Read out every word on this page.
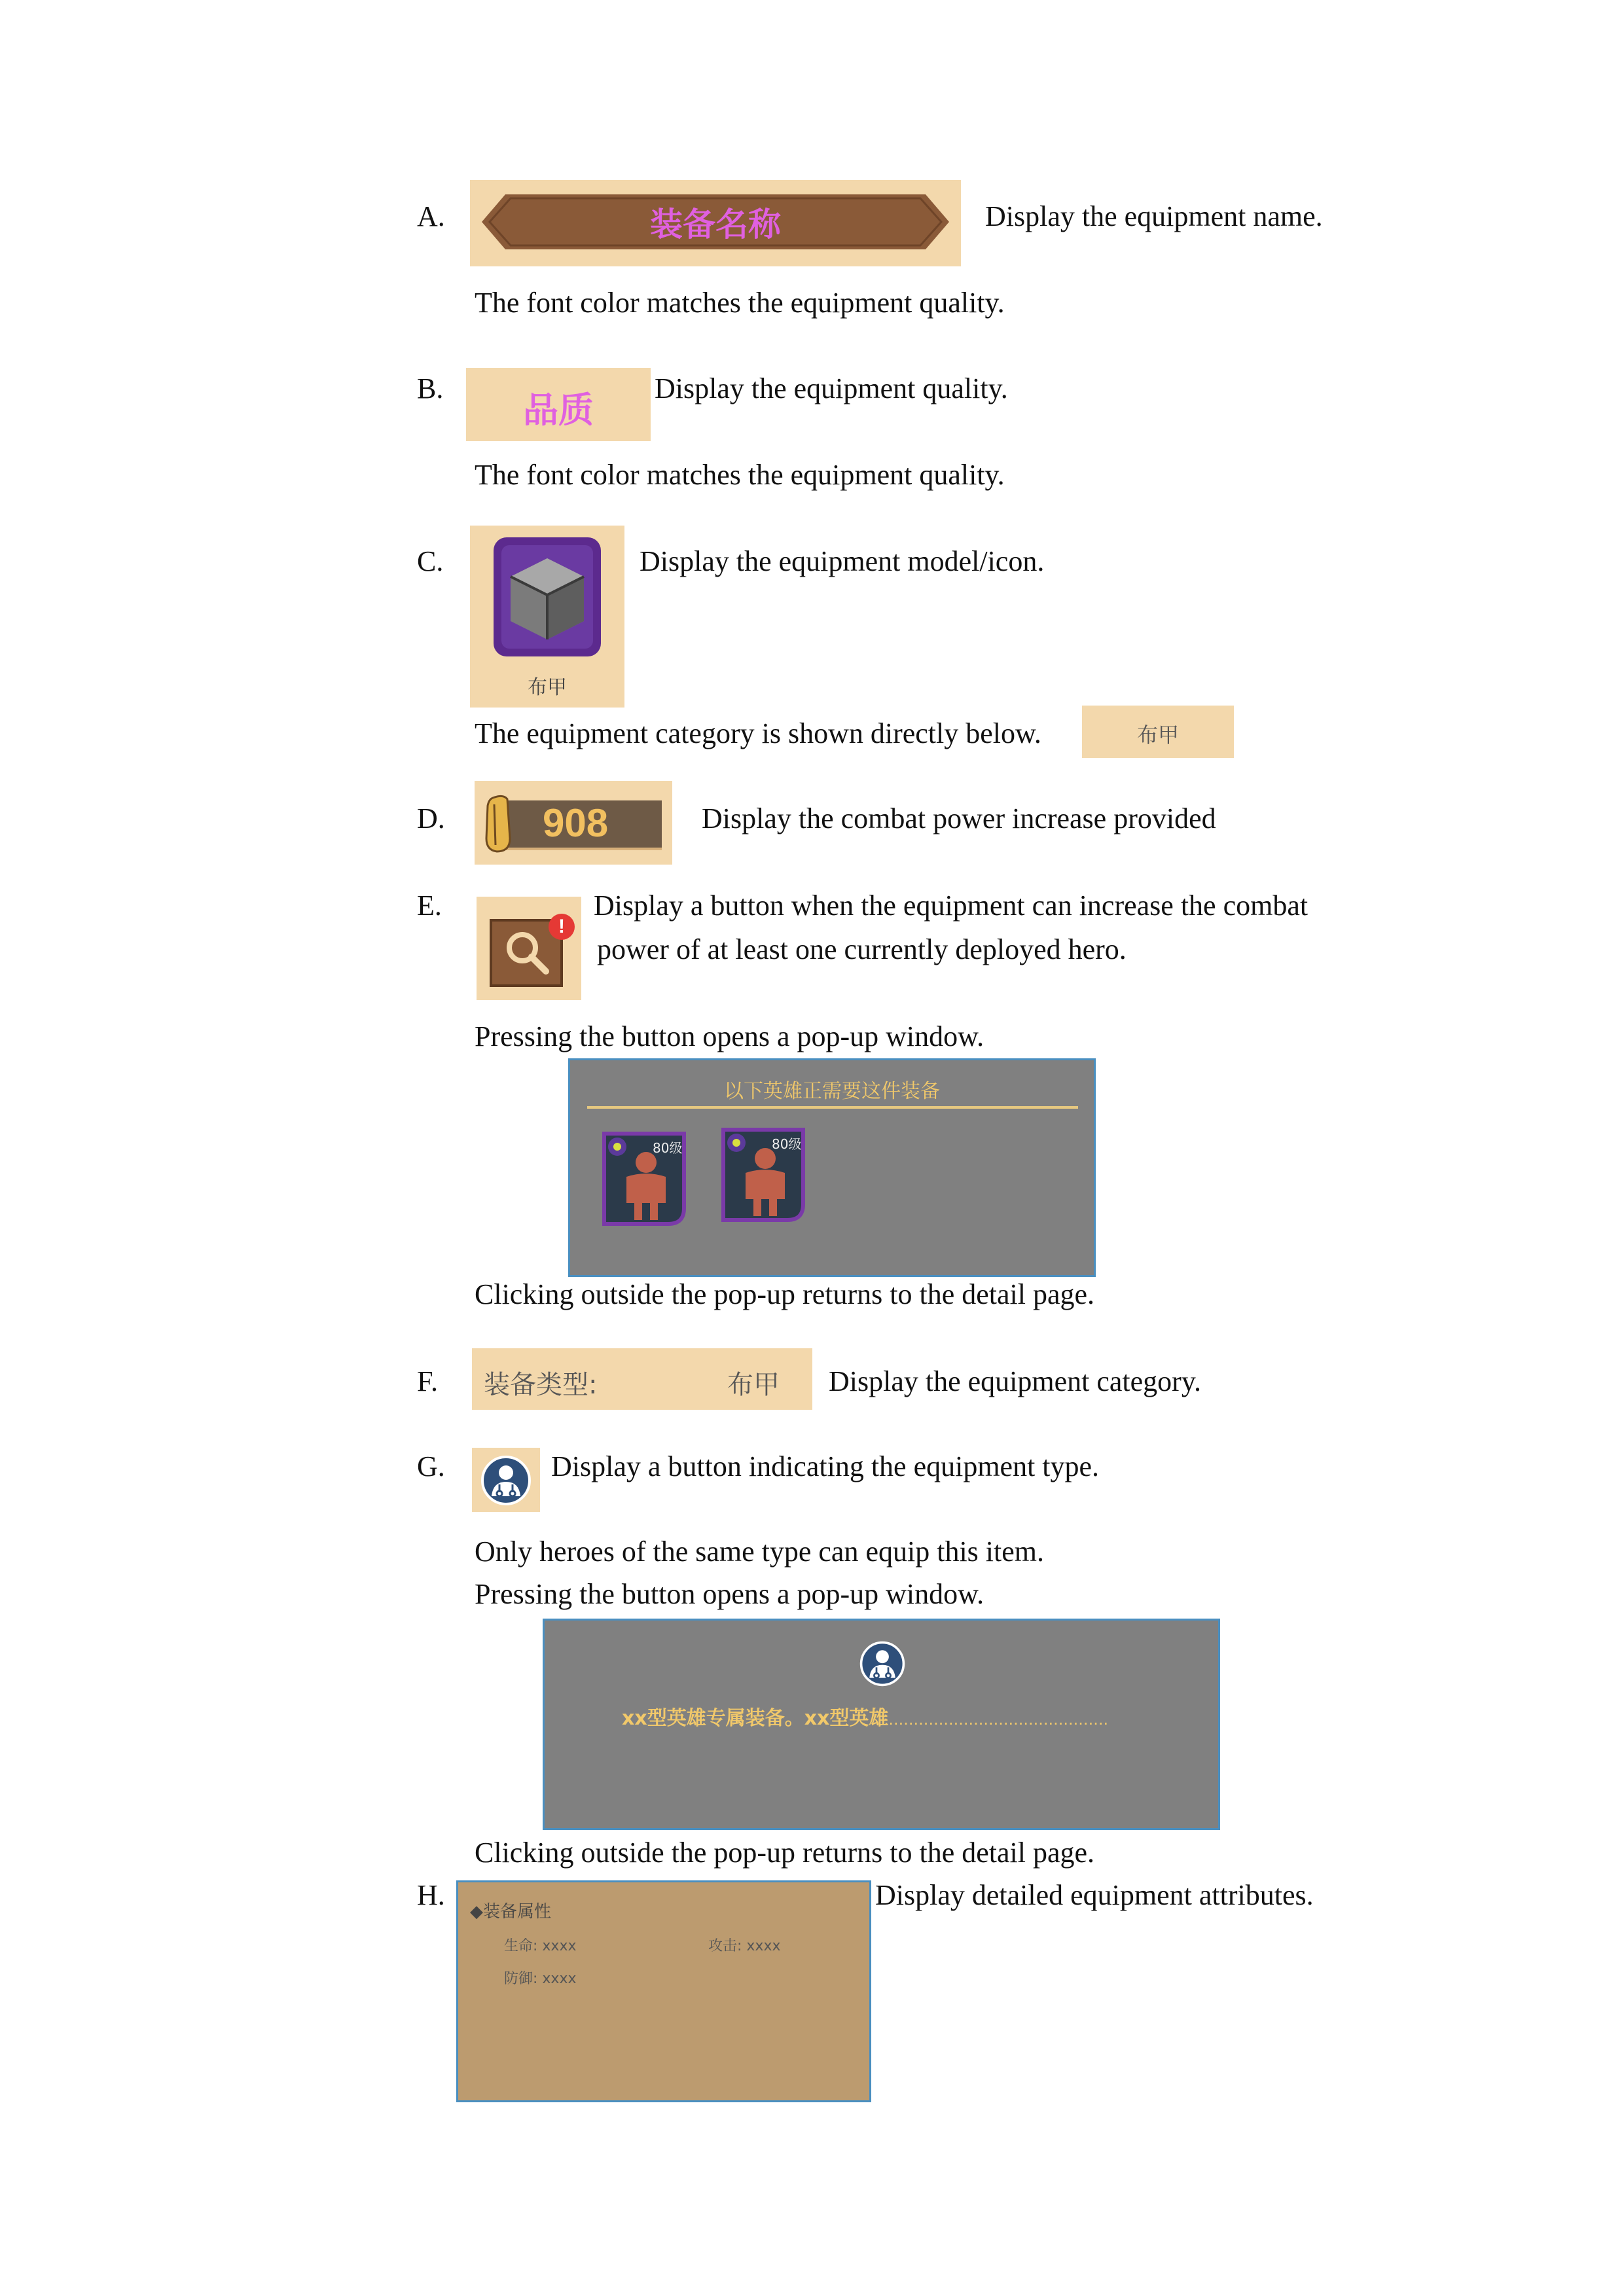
A.	装备名称	Display the equipment name.
The font color matches the equipment quality.
B.
品质
Display the equipment quality.
The font color matches the equipment quality.
C.
布甲
Display the equipment model/icon.
The equipment category is shown directly below.	布甲
D. 908	Display the combat power increase provided
E.
!
Display a button when the equipment can increase the combat
power of at least one currently deployed hero.
Pressing the button opens a pop-up window.
以下英雄正需要这件装备
80级	80级
Clicking outside the pop-up returns to the detail page.
F. 装备类型:	布甲 Display the equipment category.
G.	Display a button indicating the equipment type.
Only heroes of the same type can equip this item.
Pressing the button opens a pop-up window.
xx型英雄专属装备。xx型英雄............................................
Clicking outside the pop-up returns to the detail page.
H.
◆装备属性
生命: xxxx	攻击: xxxx
防御: xxxx
Display detailed equipment attributes.
